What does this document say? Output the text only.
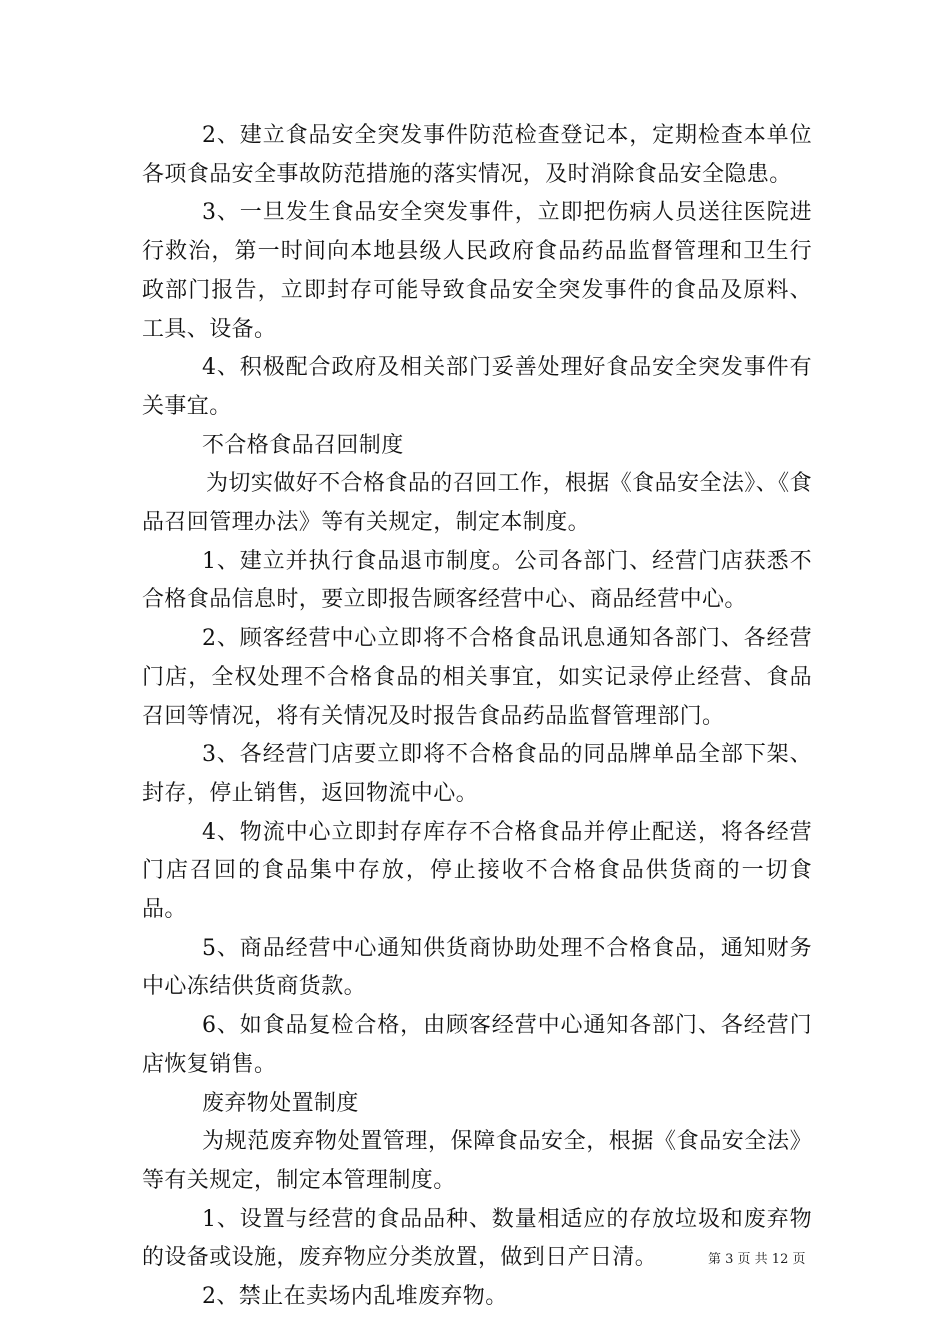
2、建立食品安全突发事件防范检查登记本，定期检查本单位各项食品安全事故防范措施的落实情况，及时消除食品安全隐患。

3、一旦发生食品安全突发事件，立即把伤病人员送往医院进行救治，第一时间向本地县级人民政府食品药品监督管理和卫生行政部门报告，立即封存可能导致食品安全突发事件的食品及原料、工具、设备。

4、积极配合政府及相关部门妥善处理好食品安全突发事件有关事宜。

不合格食品召回制度

为切实做好不合格食品的召回工作，根据《食品安全法》、《食品召回管理办法》等有关规定，制定本制度。

1、建立并执行食品退市制度。公司各部门、经营门店获悉不合格食品信息时，要立即报告顾客经营中心、商品经营中心。

2、顾客经营中心立即将不合格食品讯息通知各部门、各经营门店，全权处理不合格食品的相关事宜，如实记录停止经营、食品召回等情况，将有关情况及时报告食品药品监督管理部门。

3、各经营门店要立即将不合格食品的同品牌单品全部下架、封存，停止销售，返回物流中心。

4、物流中心立即封存库存不合格食品并停止配送，将各经营门店召回的食品集中存放，停止接收不合格食品供货商的一切食品。

5、商品经营中心通知供货商协助处理不合格食品，通知财务中心冻结供货商货款。

6、如食品复检合格，由顾客经营中心通知各部门、各经营门店恢复销售。

废弃物处置制度

为规范废弃物处置管理，保障食品安全，根据《食品安全法》等有关规定，制定本管理制度。

1、设置与经营的食品品种、数量相适应的存放垃圾和废弃物的设备或设施，废弃物应分类放置，做到日产日清。

2、禁止在卖场内乱堆废弃物。

第 3 页 共 12 页
